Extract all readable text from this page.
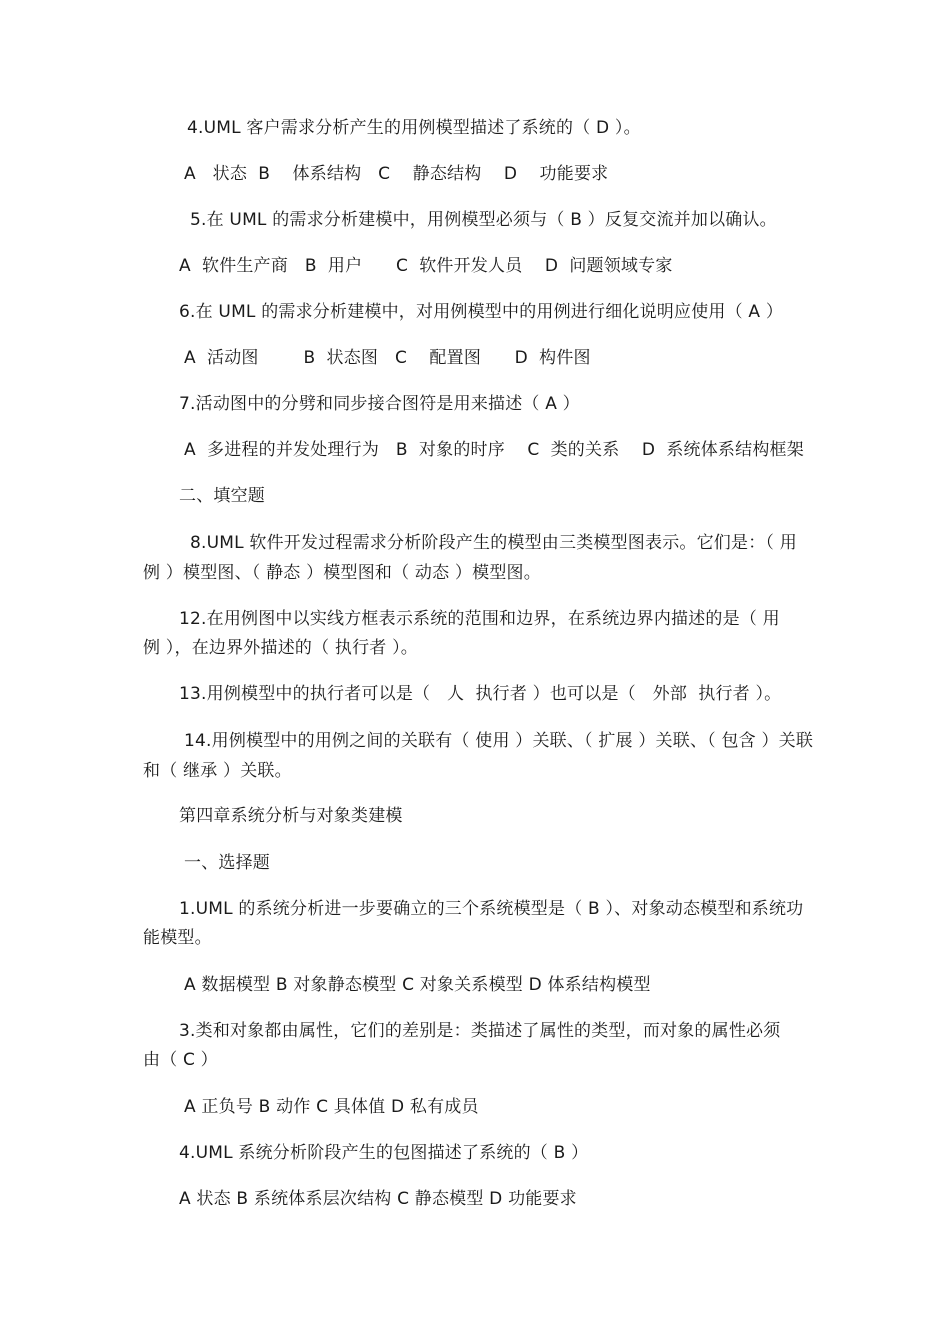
4.UML 客户需求分析产生的用例模型描述了系统的（ D ）。
A   状态  B    体系结构   C    静态结构    D    功能要求
5.在 UML 的需求分析建模中，用例模型必须与（ B ）反复交流并加以确认。
A  软件生产商   B  用户      C  软件开发人员    D  问题领域专家
6.在 UML 的需求分析建模中，对用例模型中的用例进行细化说明应使用（ A ）
A  活动图        B  状态图   C    配置图      D  构件图
7.活动图中的分劈和同步接合图符是用来描述（ A ）
A  多进程的并发处理行为   B  对象的时序    C  类的关系    D  系统体系结构框架
二、填空题
8.UML 软件开发过程需求分析阶段产生的模型由三类模型图表示。它们是：（ 用
例 ）模型图、（ 静态 ）模型图和（ 动态 ）模型图。
12.在用例图中以实线方框表示系统的范围和边界，在系统边界内描述的是（ 用
例 ），在边界外描述的（ 执行者 ）。
13.用例模型中的执行者可以是（   人  执行者 ）也可以是（   外部  执行者 ）。
14.用例模型中的用例之间的关联有（ 使用 ）关联、（ 扩展 ）关联、（ 包含 ）关联
和（ 继承 ）关联。
第四章系统分析与对象类建模
一、选择题
1.UML 的系统分析进一步要确立的三个系统模型是（ B ）、对象动态模型和系统功
能模型。
A 数据模型 B 对象静态模型 C 对象关系模型 D 体系结构模型
3.类和对象都由属性，它们的差别是：类描述了属性的类型，而对象的属性必须
由（ C ）
A 正负号 B 动作 C 具体值 D 私有成员
4.UML 系统分析阶段产生的包图描述了系统的（ B ）
A 状态 B 系统体系层次结构 C 静态模型 D 功能要求
